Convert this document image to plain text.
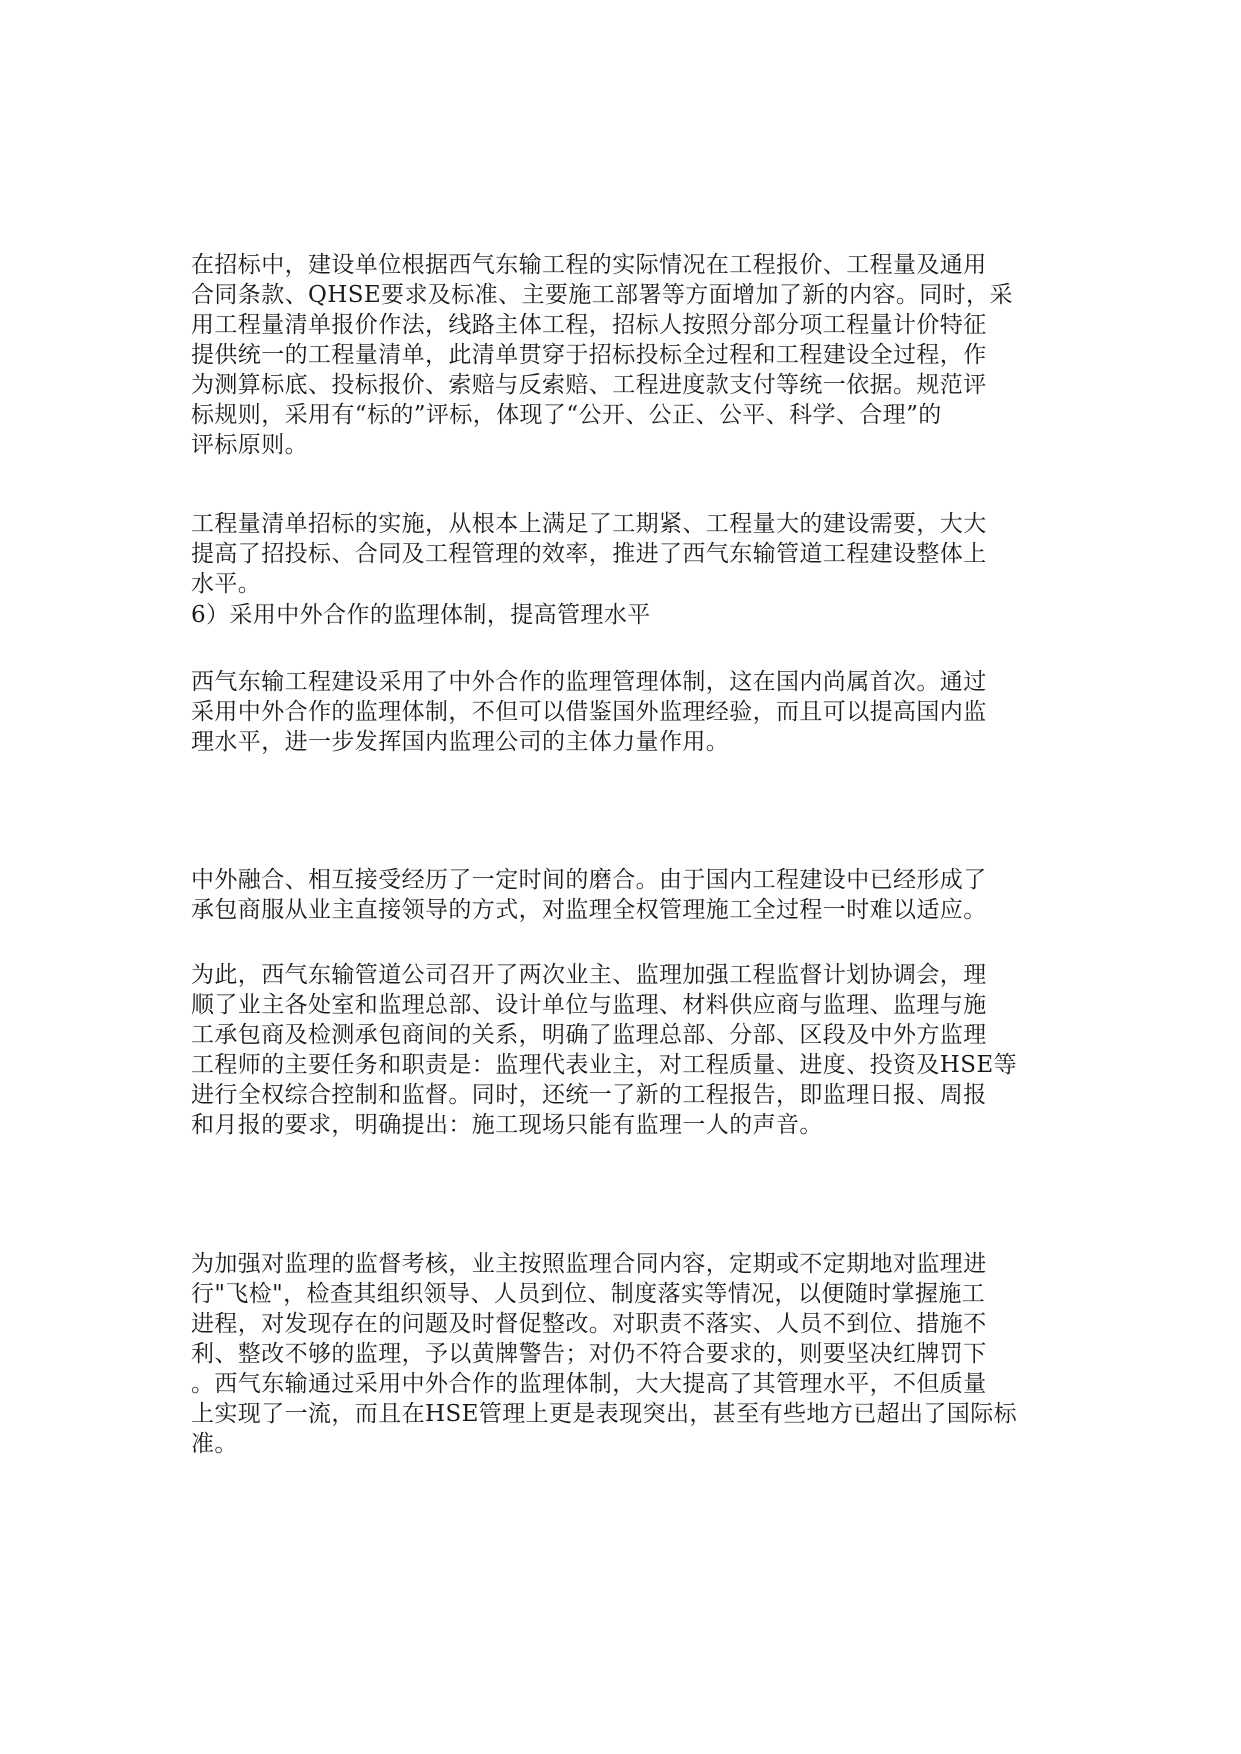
在招标中，建设单位根据西气东输工程的实际情况在工程报价、工程量及通用
合同条款、QHSE要求及标准、主要施工部署等方面增加了新的内容。同时，采
用工程量清单报价作法，线路主体工程，招标人按照分部分项工程量计价特征
提供统一的工程量清单，此清单贯穿于招标投标全过程和工程建设全过程，作
为测算标底、投标报价、索赔与反索赔、工程进度款支付等统一依据。规范评
标规则，采用有“标的”评标，体现了“公开、公正、公平、科学、合理”的
评标原则。
工程量清单招标的实施，从根本上满足了工期紧、工程量大的建设需要，大大
提高了招投标、合同及工程管理的效率，推进了西气东输管道工程建设整体上
水平。
6）采用中外合作的监理体制，提高管理水平
西气东输工程建设采用了中外合作的监理管理体制，这在国内尚属首次。通过
采用中外合作的监理体制，不但可以借鉴国外监理经验，而且可以提高国内监
理水平，进一步发挥国内监理公司的主体力量作用。
中外融合、相互接受经历了一定时间的磨合。由于国内工程建设中已经形成了
承包商服从业主直接领导的方式，对监理全权管理施工全过程一时难以适应。
为此，西气东输管道公司召开了两次业主、监理加强工程监督计划协调会，理
顺了业主各处室和监理总部、设计单位与监理、材料供应商与监理、监理与施
工承包商及检测承包商间的关系，明确了监理总部、分部、区段及中外方监理
工程师的主要任务和职责是：监理代表业主，对工程质量、进度、投资及HSE等
进行全权综合控制和监督。同时，还统一了新的工程报告，即监理日报、周报
和月报的要求，明确提出：施工现场只能有监理一人的声音。
为加强对监理的监督考核，业主按照监理合同内容，定期或不定期地对监理进
行"飞检"，检查其组织领导、人员到位、制度落实等情况，以便随时掌握施工
进程，对发现存在的问题及时督促整改。对职责不落实、人员不到位、措施不
利、整改不够的监理，予以黄牌警告；对仍不符合要求的，则要坚决红牌罚下
。西气东输通过采用中外合作的监理体制，大大提高了其管理水平，不但质量
上实现了一流，而且在HSE管理上更是表现突出，甚至有些地方已超出了国际标
准。
